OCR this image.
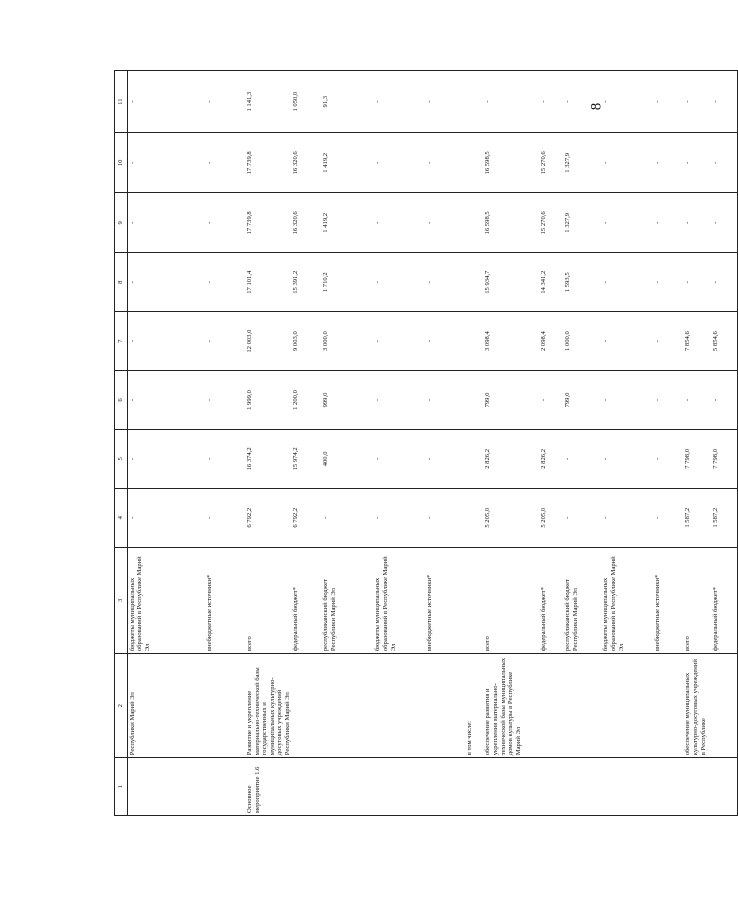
8
1	2	3	4	5	6	7	8	9	10	11
	Республики Марий Эл	бюджеты муниципальных образований в Республике Марий Эл	-	-	-	-	-	-	-	-
		внебюджетные источники*	-	-	-	-	-	-	-	-
Основное мероприятие 1.6	Развитие и укрепление материально-технической базы государственных и муниципальных культурно-досуговых учреждений Республики Марий Эл	всего	6 792,2	16 374,2	1 999,0	12 003,0	17 101,4	17 739,8	17 739,8	1 141,3
		федеральный бюджет*	6 792,2	15 974,2	1 200,0	9 003,0	15 391,2	16 320,6	16 320,6	1 050,0
		республиканский бюджет Республики Марий Эл	-	400,0	999,0	3 000,0	1 710,2	1 419,2	1 419,2	91,3
		бюджеты муниципальных образований в Республике Марий Эл	-	-	-	-	-	-	-	-
		внебюджетные источники*	-	-	-	-	-	-	-	-
	в том числе:									
	обеспечение развития и укрепления материально-технической базы муниципальных домов культуры в Республике Марий Эл	всего	5 205,0	2 826,2	799,0	3 098,4	15 934,7	16 598,5	16 598,5	-
		федеральный бюджет*	5 205,0	2 826,2	-	2 098,4	14 341,2	15 270,6	15 270,6	-
		республиканский бюджет Республики Марий Эл	-	-	799,0	1 000,0	1 593,5	1 327,9	1 327,9	-
		бюджеты муниципальных образований в Республике Марий Эл	-	-	-	-	-	-	-	-
		внебюджетные источники*	-	-	-	-	-	-	-	-
	обеспечение муниципальных культурно-досуговых учреждений в Республике	всего	1 587,2	7 798,0	-	7 854,6	-	-	-	-
		федеральный бюджет*	1 587,2	7 798,0	-	5 854,6	-	-	-	-
